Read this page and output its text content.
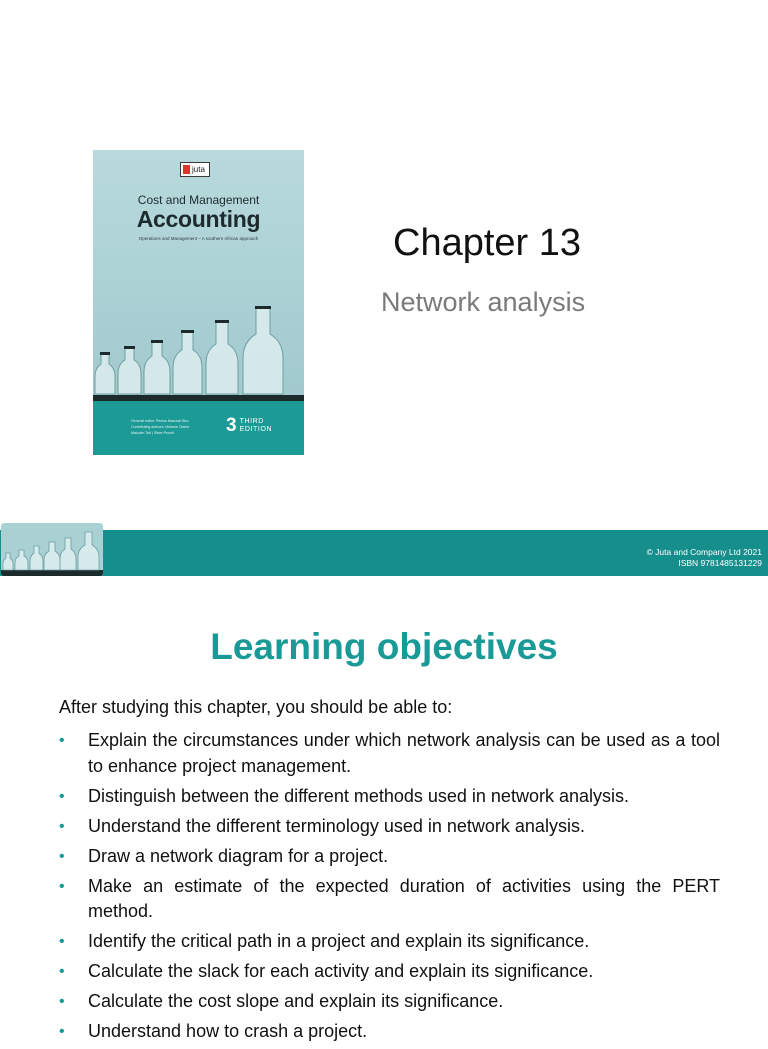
juta
Cost and Management
Accounting
Operations and Management – A southern African approach
General editor: Penisa Mazodzi Bhu
Contributing authors: Melanie Clarke
Malcolm Teti | Sitwe Promit	3 THIRD
EDITION
Chapter 13
Network analysis
© Juta and Company Ltd 2021
ISBN 9781485131229
Learning objectives
After studying this chapter, you should be able to:
• Explain the circumstances under which network analysis can be used as a tool to enhance project management.
• Distinguish between the different methods used in network analysis.
• Understand the different terminology used in network analysis.
• Draw a network diagram for a project.
• Make an estimate of the expected duration of activities using the PERT method.
• Identify the critical path in a project and explain its significance.
• Calculate the slack for each activity and explain its significance.
• Calculate the cost slope and explain its significance.
• Understand how to crash a project.
